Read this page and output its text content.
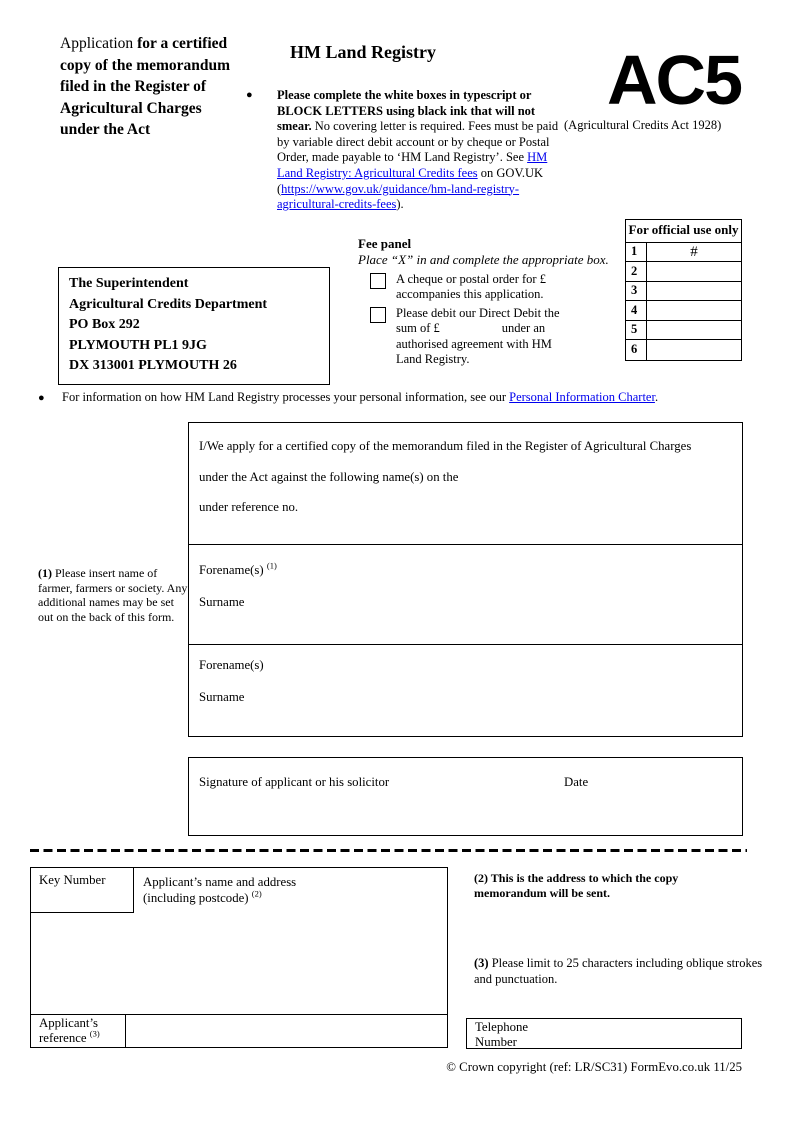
Application for a certified copy of the memorandum filed in the Register of Agricultural Charges under the Act
HM Land Registry
● Please complete the white boxes in typescript or BLOCK LETTERS using black ink that will not smear. No covering letter is required. Fees must be paid by variable direct debit account or by cheque or Postal Order, made payable to ‘HM Land Registry’. See HM Land Registry: Agricultural Credits fees on GOV.UK (https://www.gov.uk/guidance/hm-land-registry-agricultural-credits-fees).
AC5
(Agricultural Credits Act 1928)
For official use only
1	#
2
3
4
5
6
Fee panel
Place “X” in and complete the appropriate box.
A cheque or postal order for £
accompanies this application.
Please debit our Direct Debit the
sum of £	under an
authorised agreement with HM
Land Registry.
The Superintendent
Agricultural Credits Department
PO Box 292
PLYMOUTH PL1 9JG
DX 313001 PLYMOUTH 26
● For information on how HM Land Registry processes your personal information, see our Personal Information Charter.
I/We apply for a certified copy of the memorandum filed in the Register of Agricultural Charges
under the Act against the following name(s) on the
under reference no.
Forename(s) $^{(1)}$
Surname
Forename(s)
Surname
(1) Please insert name of farmer, farmers or society. Any additional names may be set out on the back of this form.
Signature of applicant or his solicitor	Date
Key Number	Applicant’s name and address
(including postcode) $^{(2)}$
Applicant’s
reference $^{(3)}$
(2) This is the address to which the copy memorandum will be sent.
(3) Please limit to 25 characters including oblique strokes and punctuation.
Telephone
Number
© Crown copyright (ref: LR/SC31) FormEvo.co.uk 11/25
